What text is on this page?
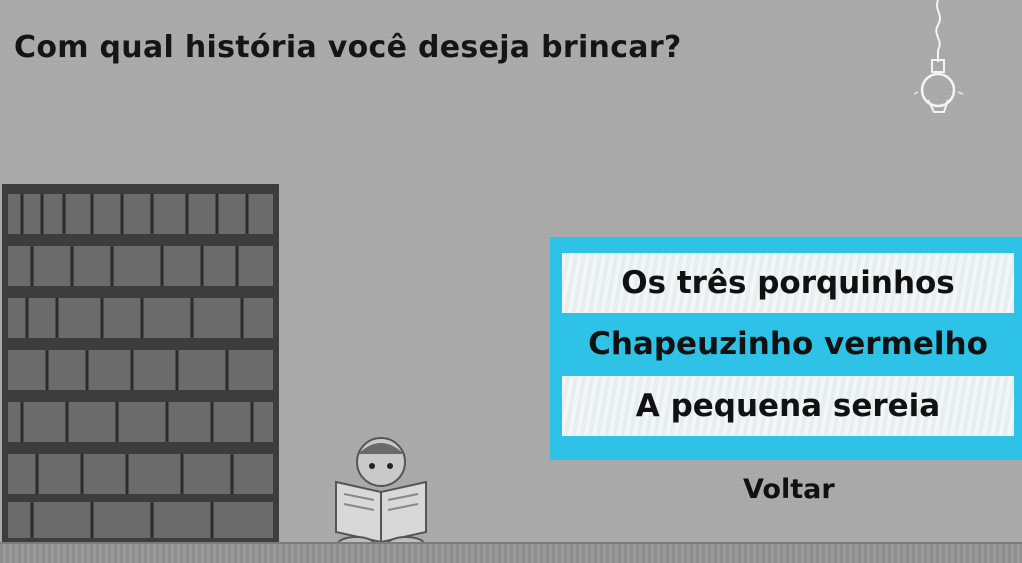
Com qual história você deseja brincar?
Os três porquinhos
Chapeuzinho vermelho
A pequena sereia
Voltar
